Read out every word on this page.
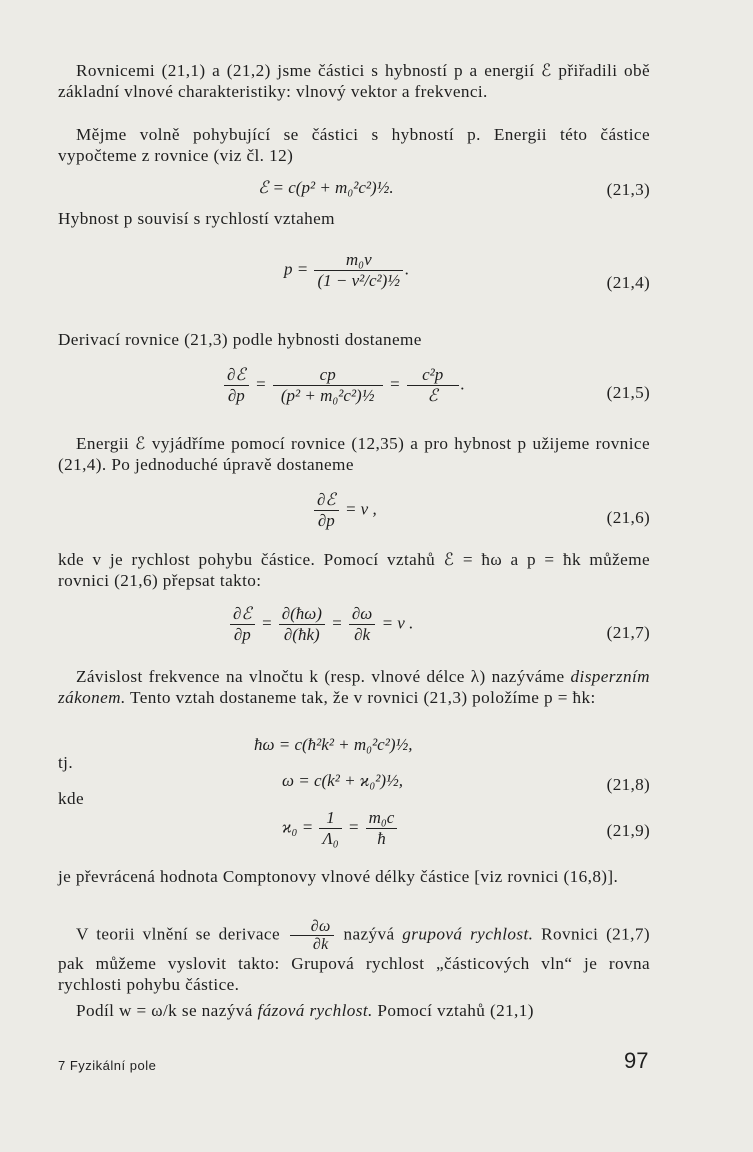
Rovnicemi (21,1) a (21,2) jsme částici s hybností p a energií ℰ přiřadili obě základní vlnové charakteristiky: vlnový vektor a frekvenci.

Mějme volně pohybující se částici s hybností p. Energii této částice vypočteme z rovnice (viz čl. 12)

ℰ = c(p² + m₀²c²)½.	(21,3)

Hybnost p souvisí s rychlostí vztahem

$p = \frac{\text{m₀v}}{\text{(1 − v²/c²)½}}$ .
(21,4)

Derivací rovnice (21,3) podle hybnosti dostaneme

$\frac{\text{∂ℰ}}{\partial p} = \frac{cp}{\text{(p² + m₀²c²)½}} = \frac{\text{c²p}}{\text{ℰ}}$ .	(21,5)

Energii ℰ vyjádříme pomocí rovnice (12,35) a pro hybnost p užijeme rovnice (21,4). Po jednoduché úpravě dostaneme

$\frac{\text{∂ℰ}}{\partial p} = v$ ,	(21,6)

kde v je rychlost pohybu částice. Pomocí vztahů ℰ = ħω a p = ħk můžeme rovnici (21,6) přepsat takto:

$\frac{\text{∂ℰ}}{\partial p} = \frac{\partial(ħ\omega)}{\partial(ħk)} = \frac{\partial\omega}{\partial k} = v$ .
(21,7)

Závislost frekvence na vlnočtu k (resp. vlnové délce λ) nazýváme disperzním zákonem. Tento vztah dostaneme tak, že v rovnici (21,3) položíme p = ħk:

ħω = c(ħ²k² + m₀²c²)½,
tj.
ω = c(k² + ϰ₀²)½,	(21,8)
kde
$ϰ_0 = \frac{1}{\text{Λ₀}} = \frac{\text{m₀c}}{ħ}$	(21,9)

je převrácená hodnota Comptonovy vlnové délky částice [viz rovnici (16,8)].

V teorii vlnění se derivace $\frac{\partial\omega}{\partial k}$ nazývá grupová rychlost. Rovnici (21,7) pak můžeme vyslovit takto: Grupová rychlost „částicových vln“ je rovna rychlosti pohybu částice.

Podíl w = ω/k se nazývá fázová rychlost. Pomocí vztahů (21,1)

7 Fyzikální pole	97
